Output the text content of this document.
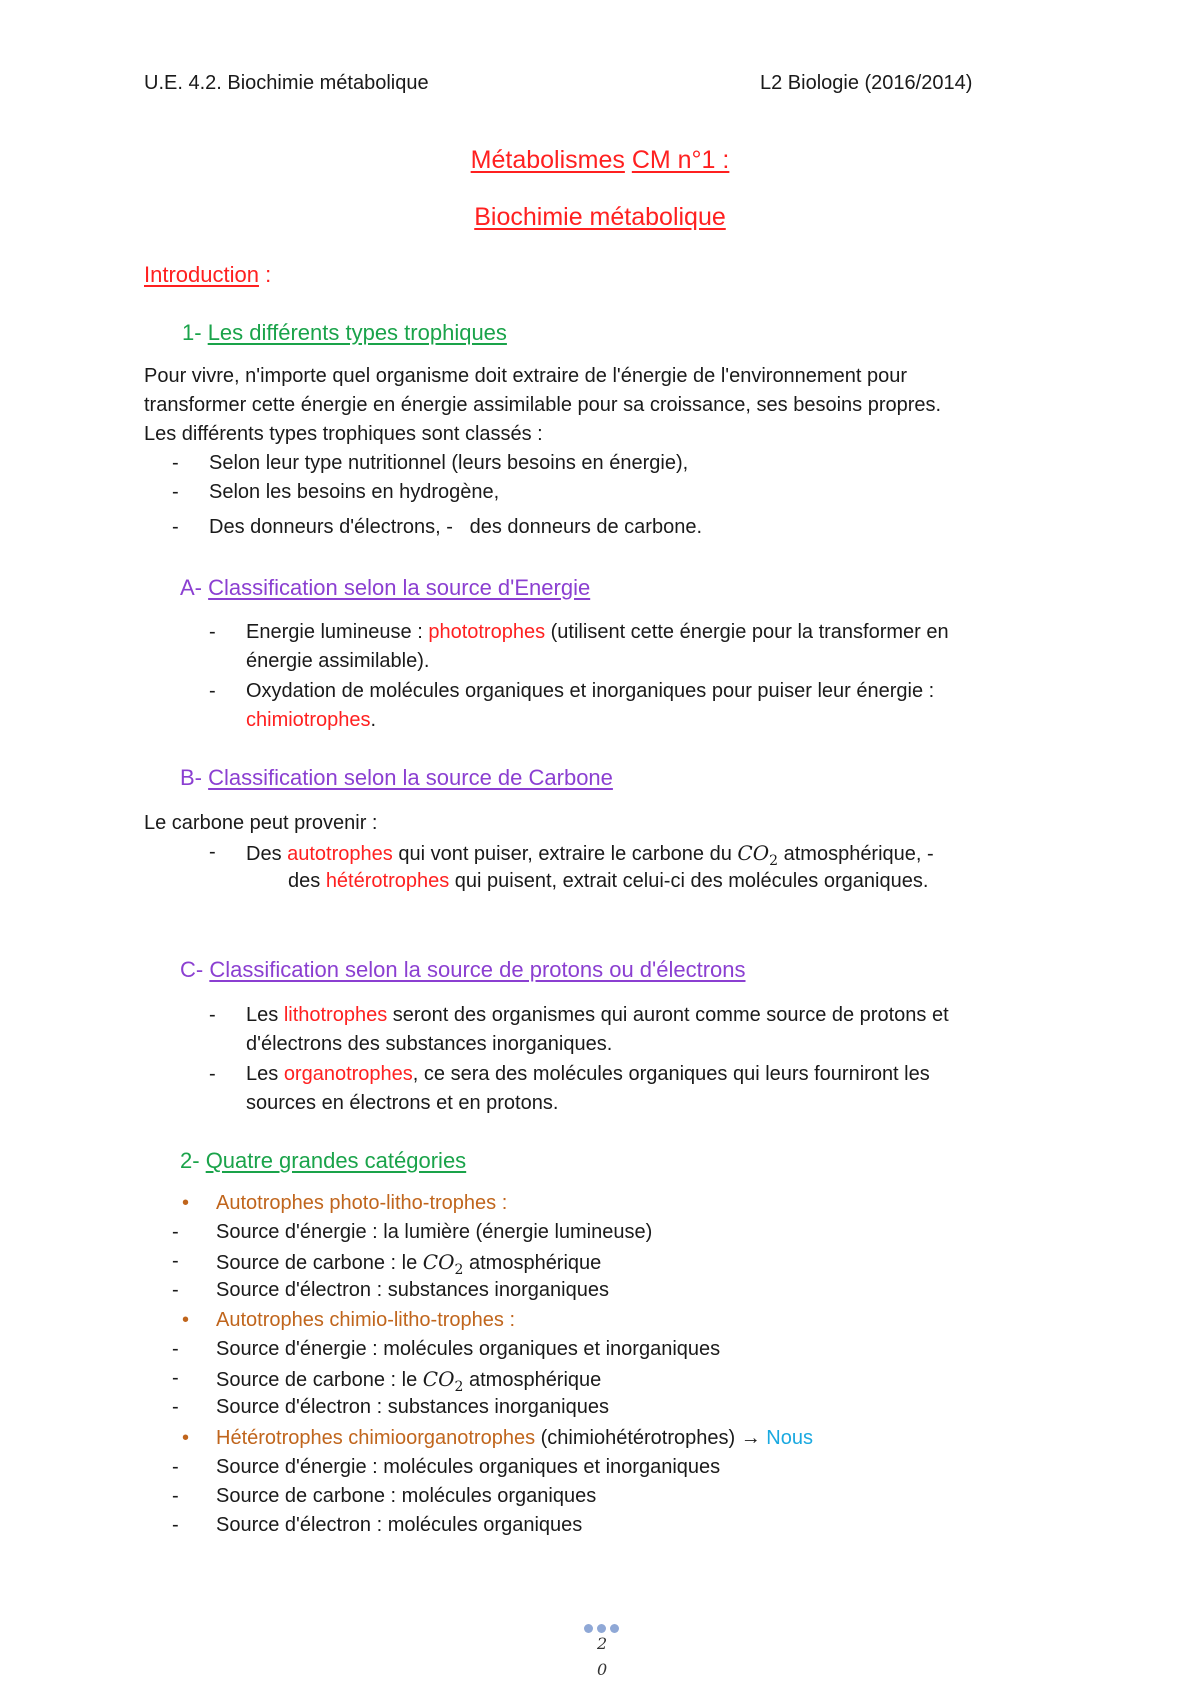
U.E. 4.2. Biochimie métabolique	L2 Biologie (2016/2014)
Métabolismes CM n°1 :
Biochimie métabolique
Introduction :
1- Les différents types trophiques
Pour vivre, n'importe quel organisme doit extraire de l'énergie de l'environnement pour
transformer cette énergie en énergie assimilable pour sa croissance, ses besoins propres.
Les différents types trophiques sont classés :
- Selon leur type nutritionnel (leurs besoins en énergie),
- Selon les besoins en hydrogène,
- Des donneurs d'électrons, -   des donneurs de carbone.
A- Classification selon la source d'Energie
- Energie lumineuse : phototrophes (utilisent cette énergie pour la transformer en
énergie assimilable).
- Oxydation de molécules organiques et inorganiques pour puiser leur énergie :
chimiotrophes.
B- Classification selon la source de Carbone
Le carbone peut provenir :
- Des autotrophes qui vont puiser, extraire le carbone du $CO_2$ atmosphérique, -
des hétérotrophes qui puisent, extrait celui-ci des molécules organiques.
C- Classification selon la source de protons ou d'électrons
- Les lithotrophes seront des organismes qui auront comme source de protons et
d'électrons des substances inorganiques.
- Les organotrophes, ce sera des molécules organiques qui leurs fourniront les
sources en électrons et en protons.
2- Quatre grandes catégories
• Autotrophes photo-litho-trophes :
- Source d'énergie : la lumière (énergie lumineuse)
- Source de carbone : le $CO_2$ atmosphérique
- Source d'électron : substances inorganiques
• Autotrophes chimio-litho-trophes :
- Source d'énergie : molécules organiques et inorganiques
- Source de carbone : le $CO_2$ atmosphérique
- Source d'électron : substances inorganiques
• Hétérotrophes chimioorganotrophes (chimiohétérotrophes) → Nous
- Source d'énergie : molécules organiques et inorganiques
- Source de carbone : molécules organiques
- Source d'électron : molécules organiques
2
0
